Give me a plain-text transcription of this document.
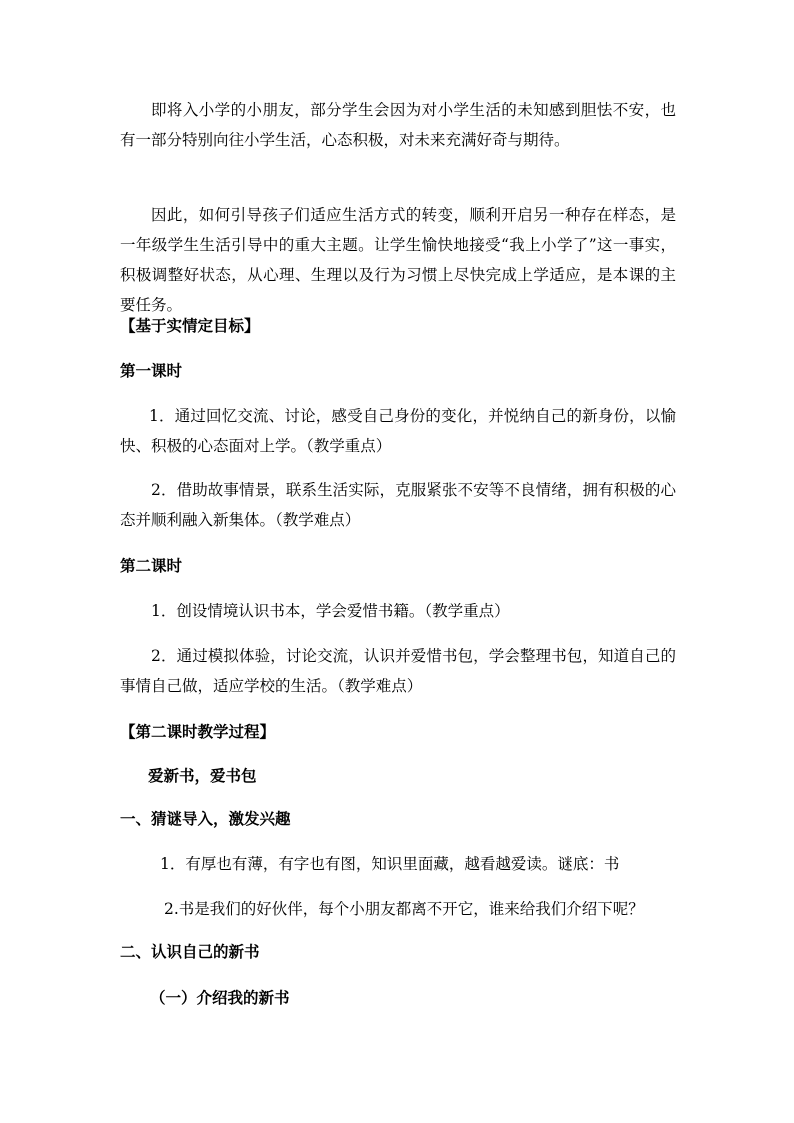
即将入小学的小朋友，部分学生会因为对小学生活的未知感到胆怯不安，也有一部分特别向往小学生活，心态积极，对未来充满好奇与期待。
因此，如何引导孩子们适应生活方式的转变，顺利开启另一种存在样态，是一年级学生生活引导中的重大主题。让学生愉快地接受“我上小学了”这一事实，积极调整好状态，从心理、生理以及行为习惯上尽快完成上学适应，是本课的主要任务。
【基于实情定目标】
第一课时
1．通过回忆交流、讨论，感受自己身份的变化，并悦纳自己的新身份，以愉快、积极的心态面对上学。（教学重点）
2．借助故事情景，联系生活实际，克服紧张不安等不良情绪，拥有积极的心态并顺利融入新集体。（教学难点）
第二课时
1．创设情境认识书本，学会爱惜书籍。（教学重点）
2．通过模拟体验，讨论交流，认识并爱惜书包，学会整理书包，知道自己的事情自己做，适应学校的生活。（教学难点）
【第二课时教学过程】
爱新书，爱书包
一、猜谜导入，激发兴趣
1．有厚也有薄，有字也有图，知识里面藏，越看越爱读。谜底：书
2.书是我们的好伙伴，每个小朋友都离不开它，谁来给我们介绍下呢？
二、认识自己的新书
（一）介绍我的新书
